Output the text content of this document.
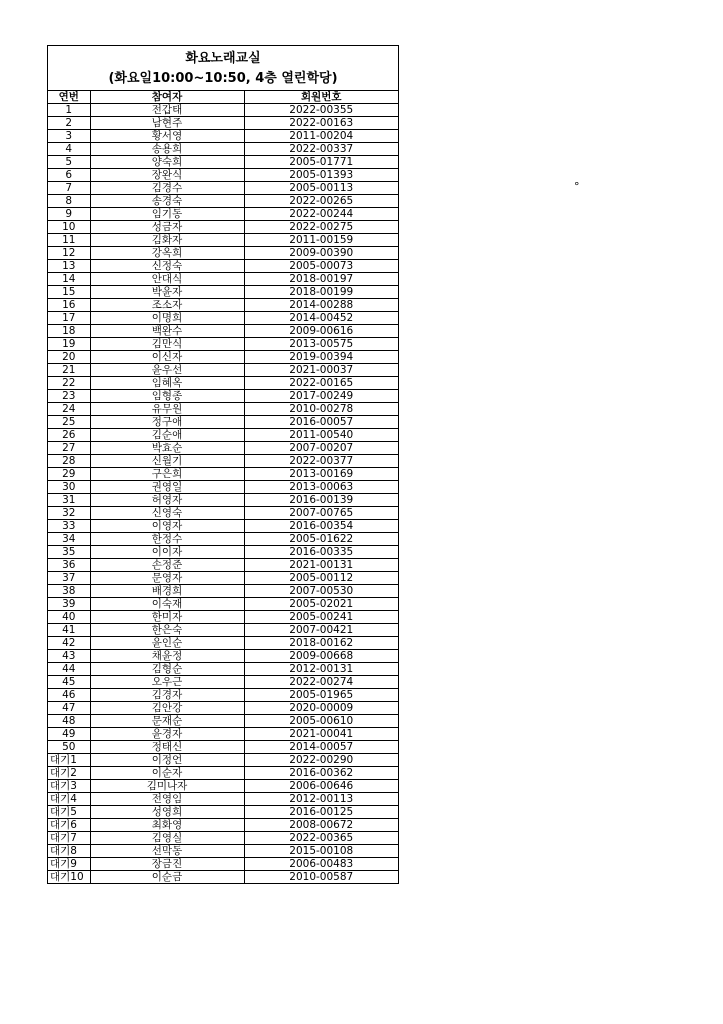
화요노래교실
(화요일10:00~10:50, 4층 열린학당)
연번	참여자	회원번호
1	전갑태	2022-00355
2	남현주	2022-00163
3	황서영	2011-00204
4	송용희	2022-00337
5	양숙희	2005-01771
6	장완식	2005-01393
7	김경수	2005-00113
8	송경숙	2022-00265
9	임기동	2022-00244
10	성금자	2022-00275
11	김화자	2011-00159
12	강옥희	2009-00390
13	신정숙	2005-00073
14	안대식	2018-00197
15	박윤자	2018-00199
16	조소자	2014-00288
17	이명희	2014-00452
18	백완수	2009-00616
19	김만식	2013-00575
20	이신자	2019-00394
21	윤우선	2021-00037
22	임혜옥	2022-00165
23	임형종	2017-00249
24	유무원	2010-00278
25	정구애	2016-00057
26	김순애	2011-00540
27	박효순	2007-00207
28	신월기	2022-00377
29	구은희	2013-00169
30	권영일	2013-00063
31	허영자	2016-00139
32	신영숙	2007-00765
33	이영자	2016-00354
34	한정수	2005-01622
35	이이자	2016-00335
36	손정준	2021-00131
37	문영자	2005-00112
38	배경희	2007-00530
39	이숙재	2005-02021
40	한미자	2005-00241
41	한은숙	2007-00421
42	윤인순	2018-00162
43	채윤정	2009-00668
44	김형순	2012-00131
45	오우근	2022-00274
46	김경자	2005-01965
47	김안강	2020-00009
48	문재순	2005-00610
49	윤경자	2021-00041
50	정태신	2014-00057
대기1	이정언	2022-00290
대기2	이순자	2016-00362
대기3	김미나자	2006-00646
대기4	전영임	2012-00113
대기5	성영희	2016-00125
대기6	최화영	2008-00672
대기7	김영실	2022-00365
대기8	선막동	2015-00108
대기9	장금진	2006-00483
대기10	이순금	2010-00587
°
